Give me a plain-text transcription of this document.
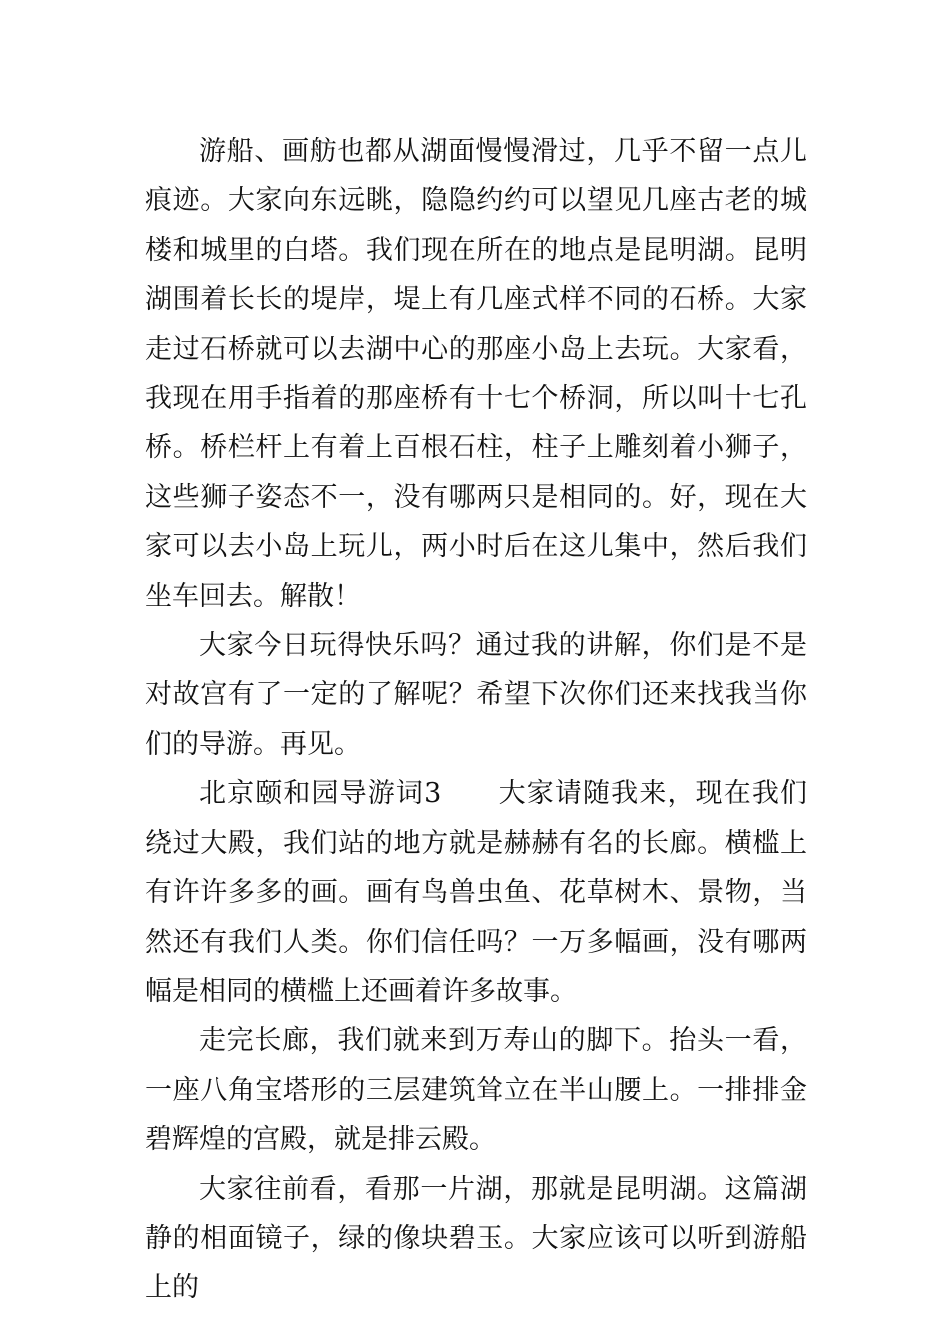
游船、画舫也都从湖面慢慢滑过，几乎不留一点儿痕迹。大家向东远眺，隐隐约约可以望见几座古老的城楼和城里的白塔。我们现在所在的地点是昆明湖。昆明湖围着长长的堤岸，堤上有几座式样不同的石桥。大家走过石桥就可以去湖中心的那座小岛上去玩。大家看，我现在用手指着的那座桥有十七个桥洞，所以叫十七孔桥。桥栏杆上有着上百根石柱，柱子上雕刻着小狮子，这些狮子姿态不一，没有哪两只是相同的。好，现在大家可以去小岛上玩儿，两小时后在这儿集中，然后我们坐车回去。解散！

大家今日玩得快乐吗？通过我的讲解，你们是不是对故宫有了一定的了解呢？希望下次你们还来找我当你们的导游。再见。

北京颐和园导游词3　　大家请随我来，现在我们绕过大殿，我们站的地方就是赫赫有名的长廊。横槛上有许许多多的画。画有鸟兽虫鱼、花草树木、景物，当然还有我们人类。你们信任吗？一万多幅画，没有哪两幅是相同的横槛上还画着许多故事。

走完长廊，我们就来到万寿山的脚下。抬头一看，一座八角宝塔形的三层建筑耸立在半山腰上。一排排金碧辉煌的宫殿，就是排云殿。

大家往前看，看那一片湖，那就是昆明湖。这篇湖静的相面镜子，绿的像块碧玉。大家应该可以听到游船上的
